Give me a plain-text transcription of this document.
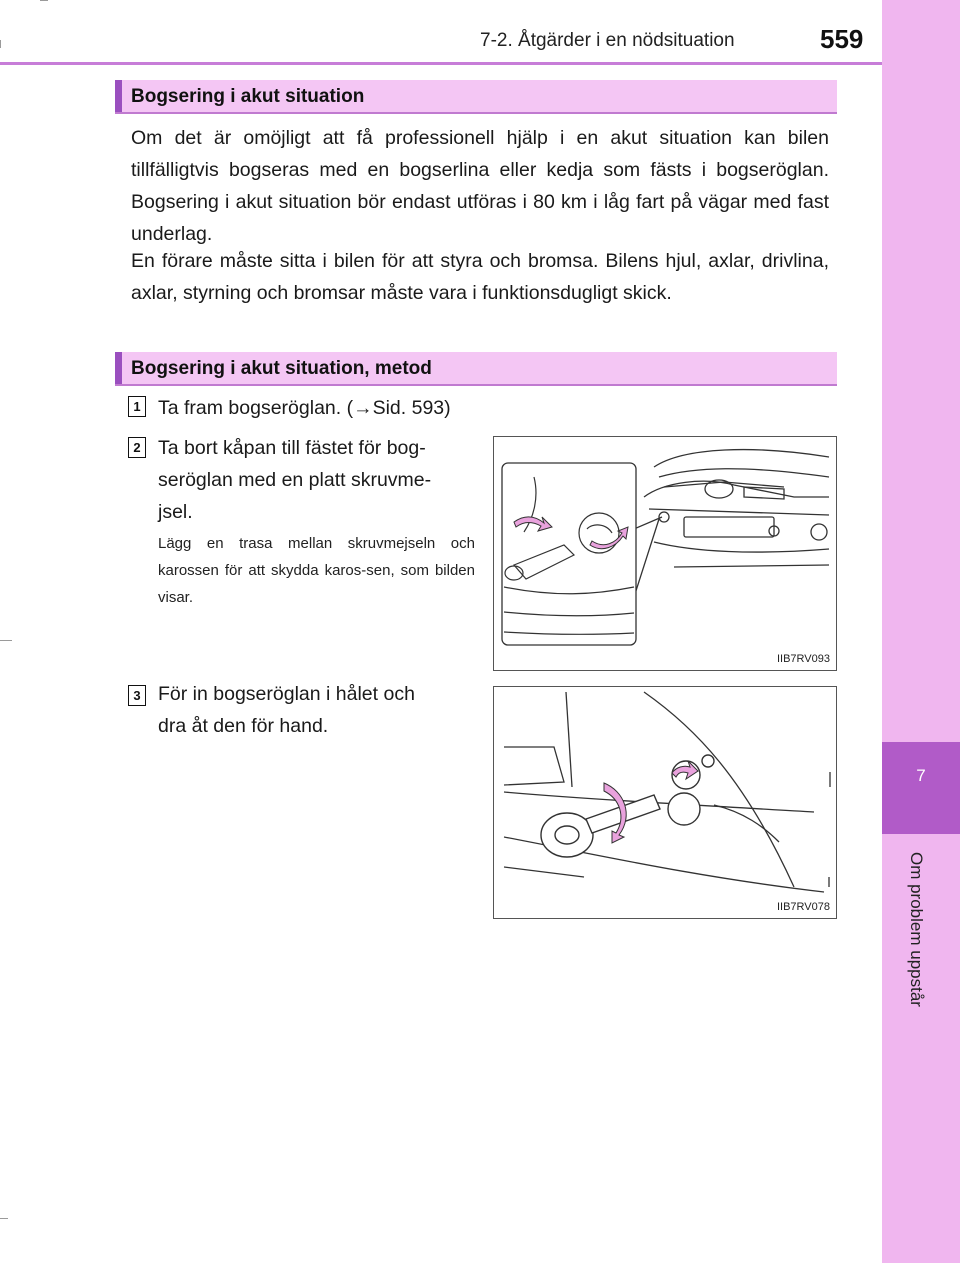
7-2. Åtgärder i en nödsituation	559
7
Om problem uppstår
Bogsering i akut situation

Om det är omöjligt att få professionell hjälp i en akut situation kan bilen tillfälligtvis bogseras med en bogserlina eller kedja som fästs i bogseröglan. Bogsering i akut situation bör endast utföras i 80 km i låg fart på vägar med fast underlag.

En förare måste sitta i bilen för att styra och bromsa. Bilens hjul, axlar, drivlina, axlar, styrning och bromsar måste vara i funktionsdugligt skick.

Bogsering i akut situation, metod
1 Ta fram bogseröglan. (→Sid. 593)

2 Ta bort kåpan till fästet för bog-
seröglan med en platt skruvme-
jsel.

Lägg en trasa mellan skruvmejseln och karossen för att skydda karos-sen, som bilden visar.

3 För in bogseröglan i hålet och
dra åt den för hand.

IIB7RV093
IIB7RV078
